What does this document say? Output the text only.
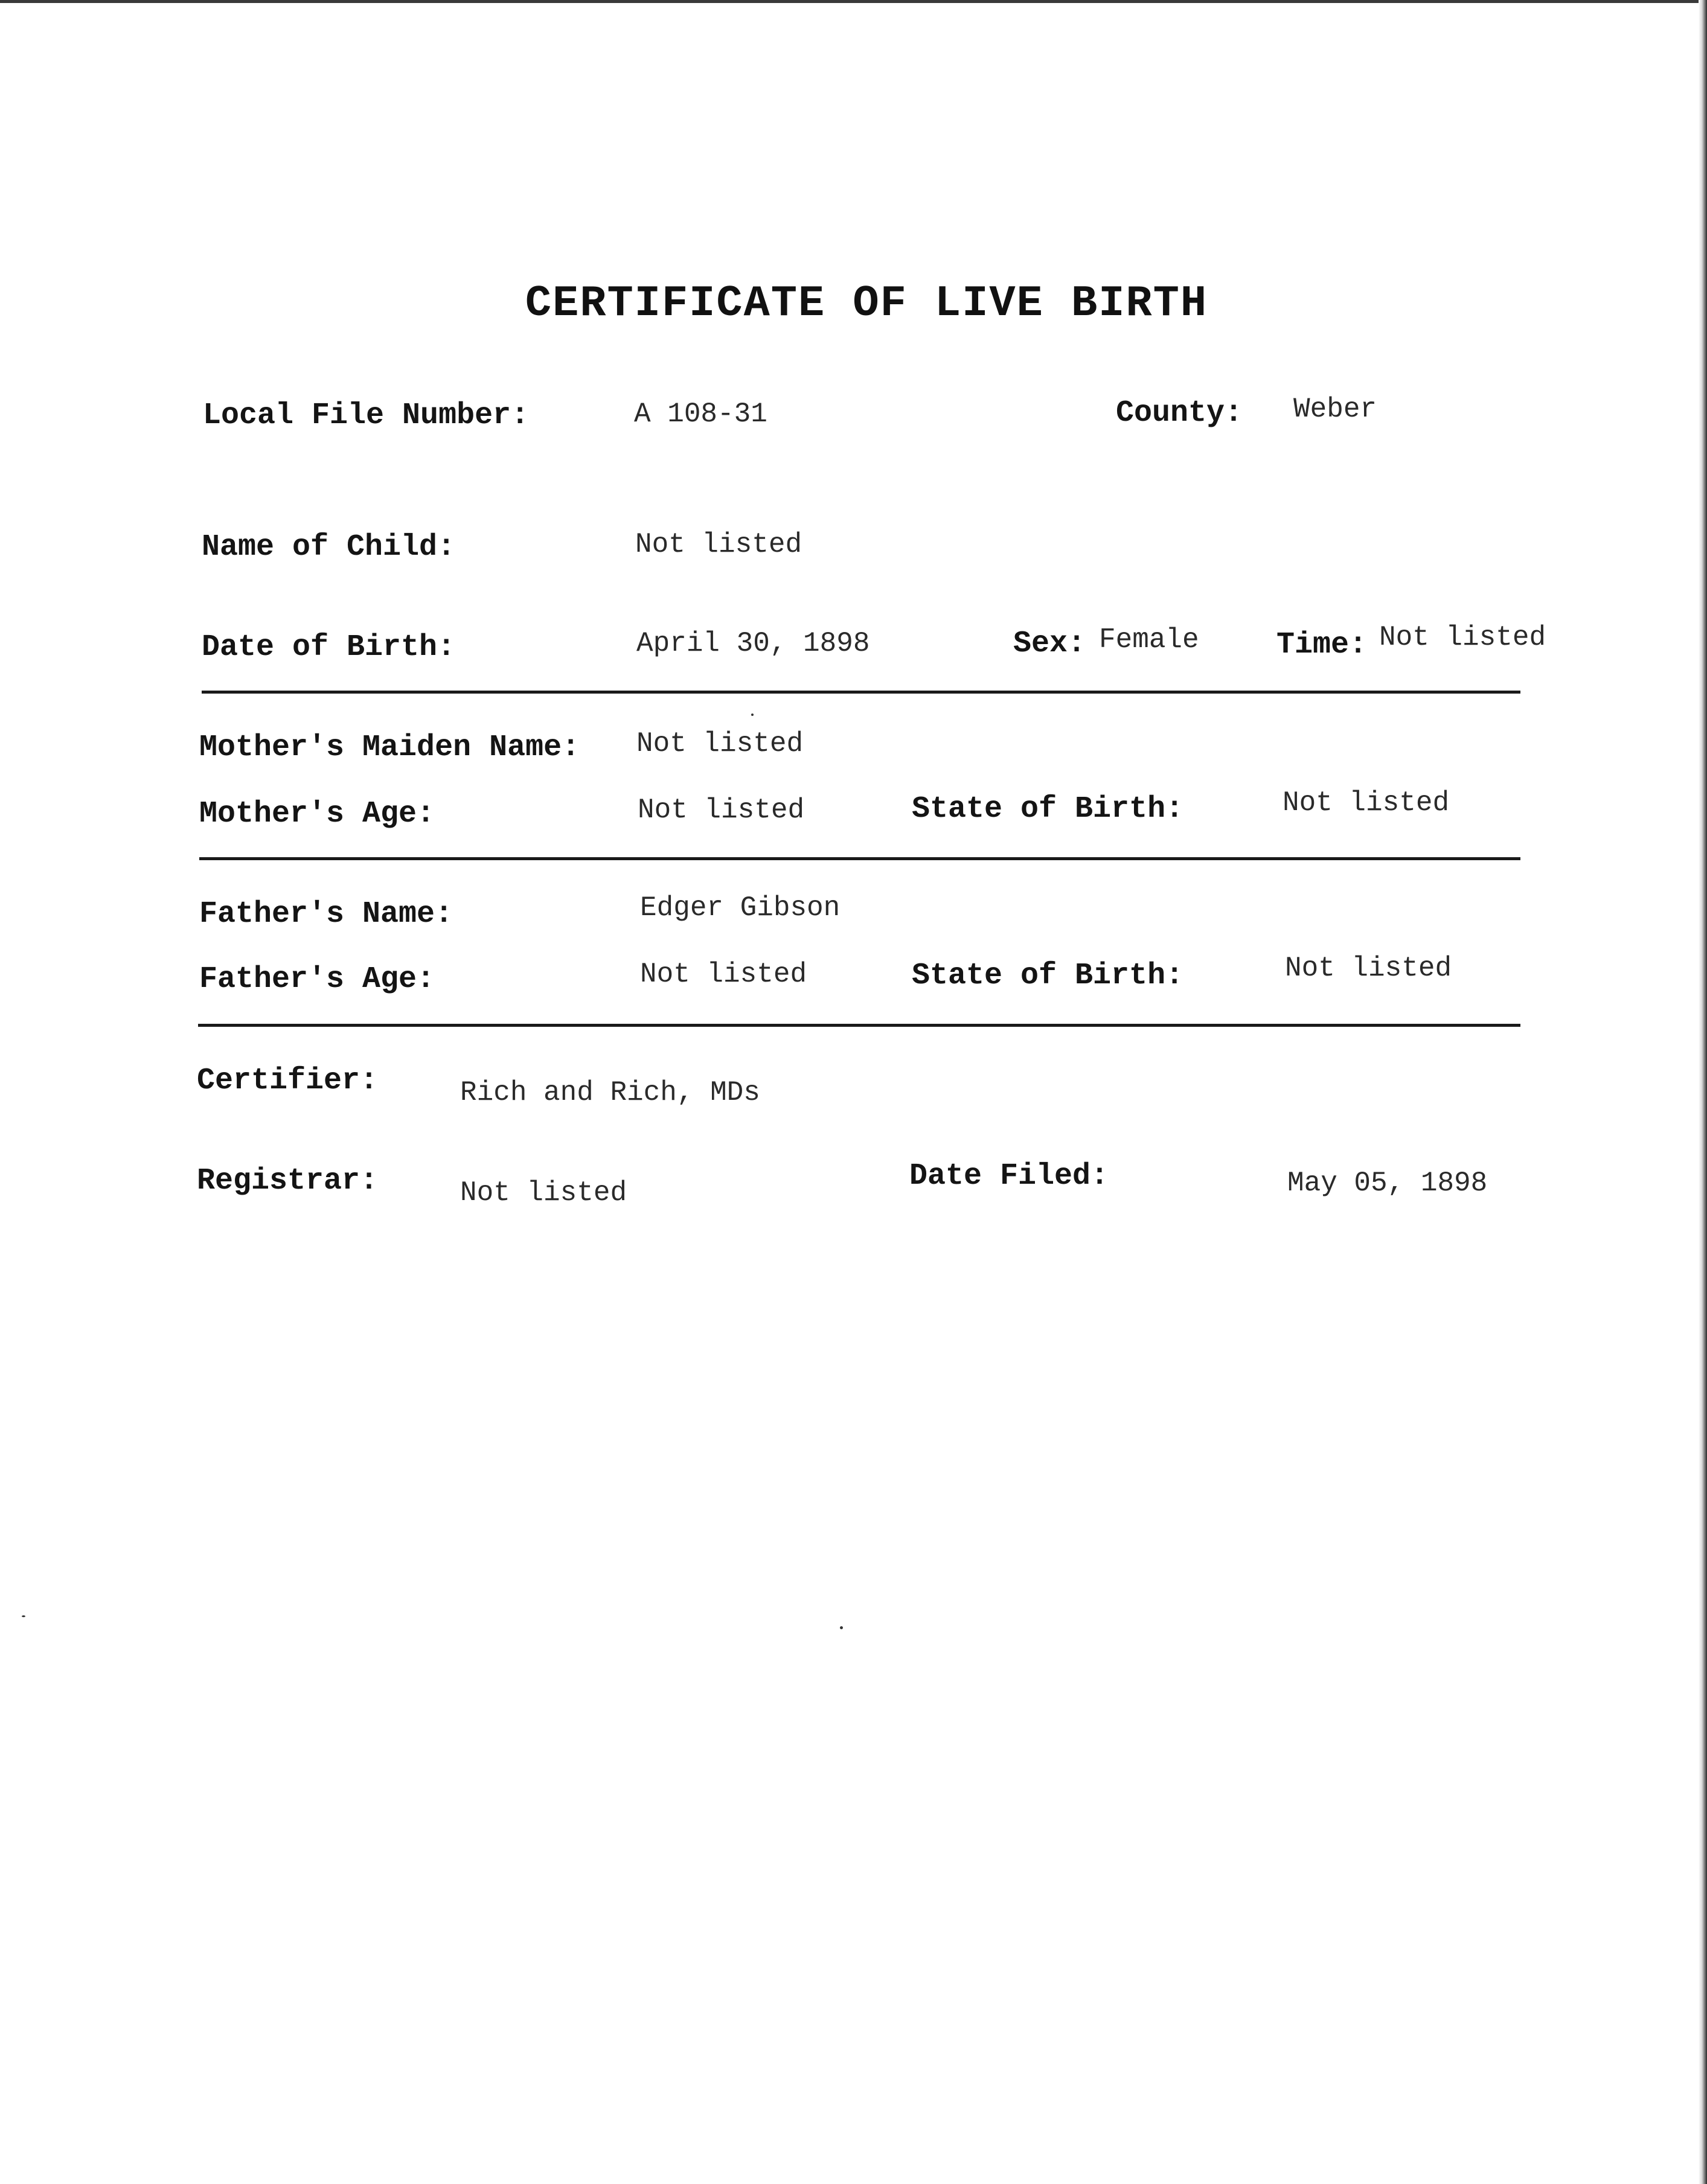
CERTIFICATE OF LIVE BIRTH
Local File Number:	A 108-31	County: Weber
Name of Child:	Not listed
Date of Birth:	April 30, 1898	Sex: Female	Time: Not listed
Mother's Maiden Name: Not listed
Mother's Age:	Not listed	State of Birth:	Not listed
Father's Name:	Edger Gibson
Father's Age:	Not listed	State of Birth:	Not listed
Certifier:	Rich and Rich, MDs
Registrar:	Not listed	Date Filed:	May 05, 1898
